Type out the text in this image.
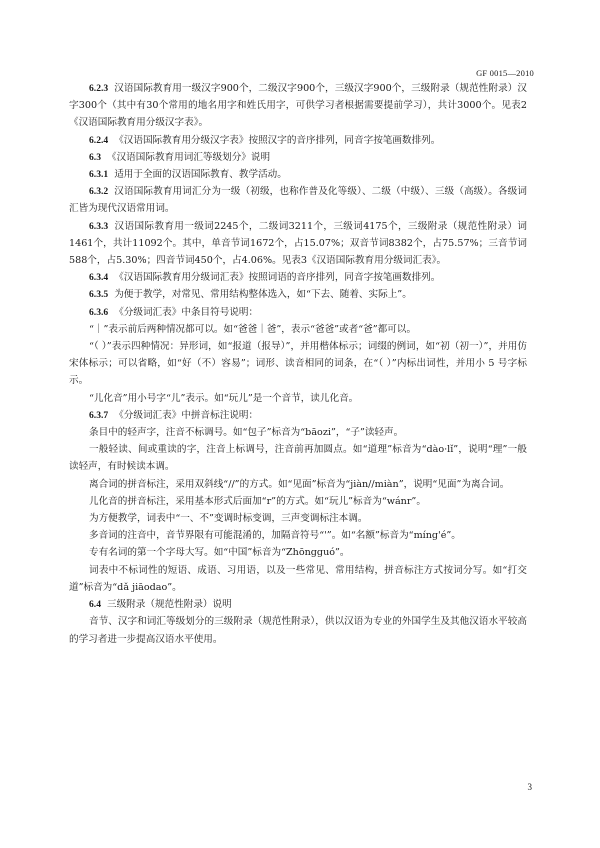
GF 0015—2010

6.2.3 汉语国际教育用一级汉字900个，二级汉字900个，三级汉字900个，三级附录（规范性附录）汉字300个（其中有30个常用的地名用字和姓氏用字，可供学习者根据需要提前学习），共计3000个。见表2《汉语国际教育用分级汉字表》。

6.2.4 《汉语国际教育用分级汉字表》按照汉字的音序排列，同音字按笔画数排列。

6.3 《汉语国际教育用词汇等级划分》说明

6.3.1 适用于全面的汉语国际教育、教学活动。

6.3.2 汉语国际教育用词汇分为一级（初级，也称作普及化等级）、二级（中级）、三级（高级）。各级词汇皆为现代汉语常用词。

6.3.3 汉语国际教育用一级词2245个，二级词3211个，三级词4175个，三级附录（规范性附录）词1461个，共计11092个。其中，单音节词1672个，占15.07%；双音节词8382个，占75.57%；三音节词588个，占5.30%；四音节词450个，占4.06%。见表3《汉语国际教育用分级词汇表》。

6.3.4 《汉语国际教育用分级词汇表》按照词语的音序排列，同音字按笔画数排列。

6.3.5 为便于教学，对常见、常用结构整体选入，如“下去、随着、实际上”。

6.3.6 《分级词汇表》中条目符号说明：

“｜”表示前后两种情况都可以。如“爸爸｜爸”，表示“爸爸”或者“爸”都可以。

“（ ）”表示四种情况：异形词，如“报道（报导）”，并用楷体标示；词缀的例词，如“初（初一）”，并用仿宋体标示；可以省略，如“好（不）容易”；词形、读音相同的词条，在“（ ）”内标出词性，并用小 5 号字标示。

“儿化音”用小号字“儿”表示。如“玩儿”是一个音节，读儿化音。

6.3.7 《分级词汇表》中拼音标注说明：

条目中的轻声字，注音不标调号。如“包子”标音为“bāozi”，“子”读轻声。

一般轻读、间或重读的字，注音上标调号，注音前再加圆点。如“道理”标音为“dào·lǐ”，说明“理”一般读轻声，有时候读本调。

离合词的拼音标注，采用双斜线“//”的方式。如“见面”标音为“jiàn//miàn”，说明“见面”为离合词。

儿化音的拼音标注，采用基本形式后面加“r”的方式。如“玩儿”标音为“wánr”。

为方便教学，词表中“一、不”变调时标变调，三声变调标注本调。

多音词的注音中，音节界限有可能混淆的，加隔音符号“'”。如“名额”标音为“míng'é”。

专有名词的第一个字母大写。如“中国”标音为“Zhōngguó”。

词表中不标词性的短语、成语、习用语，以及一些常见、常用结构，拼音标注方式按词分写。如“打交道”标音为“dǎ jiāodao”。

6.4 三级附录（规范性附录）说明

音节、汉字和词汇等级划分的三级附录（规范性附录），供以汉语为专业的外国学生及其他汉语水平较高的学习者进一步提高汉语水平使用。

3
